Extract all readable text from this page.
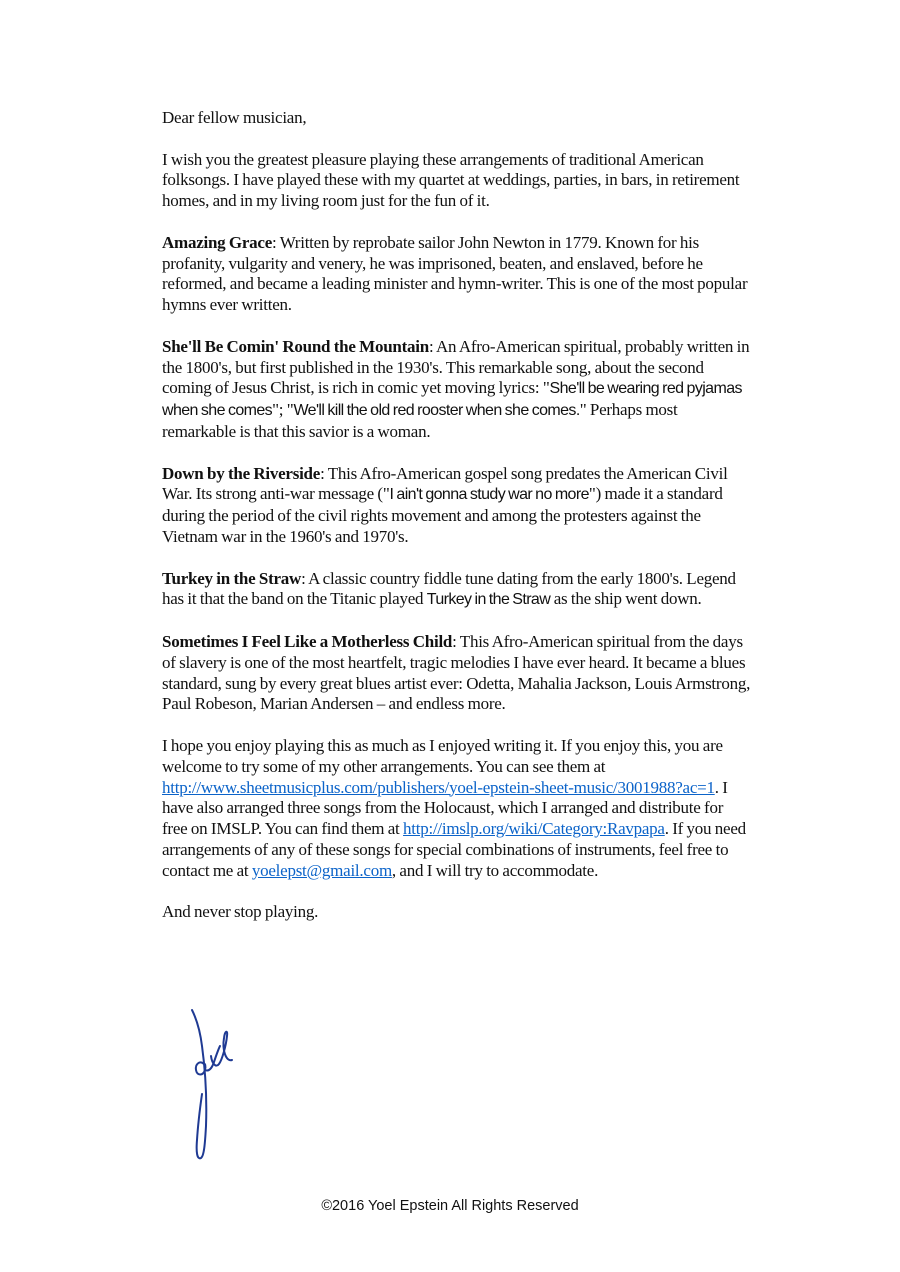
Dear fellow musician,

I wish you the greatest pleasure playing these arrangements of traditional American folksongs. I have played these with my quartet at weddings, parties, in bars, in retirement homes, and in my living room just for the fun of it.

Amazing Grace: Written by reprobate sailor John Newton in 1779. Known for his profanity, vulgarity and venery, he was imprisoned, beaten, and enslaved, before he reformed, and became a leading minister and hymn-writer. This is one of the most popular hymns ever written.

She'll Be Comin' Round the Mountain: An Afro-American spiritual, probably written in the 1800's, but first published in the 1930's. This remarkable song, about the second coming of Jesus Christ, is rich in comic yet moving lyrics: "She'll be wearing red pyjamas when she comes"; "We'll kill the old red rooster when she comes." Perhaps most remarkable is that this savior is a woman.

Down by the Riverside: This Afro-American gospel song predates the American Civil War. Its strong anti-war message ("I ain't gonna study war no more") made it a standard during the period of the civil rights movement and among the protesters against the Vietnam war in the 1960's and 1970's.

Turkey in the Straw: A classic country fiddle tune dating from the early 1800's. Legend has it that the band on the Titanic played Turkey in the Straw as the ship went down.

Sometimes I Feel Like a Motherless Child: This Afro-American spiritual from the days of slavery is one of the most heartfelt, tragic melodies I have ever heard. It became a blues standard, sung by every great blues artist ever: Odetta, Mahalia Jackson, Louis Armstrong, Paul Robeson, Marian Andersen – and endless more.

I hope you enjoy playing this as much as I enjoyed writing it. If you enjoy this, you are welcome to try some of my other arrangements. You can see them at http://www.sheetmusicplus.com/publishers/yoel-epstein-sheet-music/3001988?ac=1. I have also arranged three songs from the Holocaust, which I arranged and distribute for free on IMSLP. You can find them at http://imslp.org/wiki/Category:Ravpapa. If you need arrangements of any of these songs for special combinations of instruments, feel free to contact me at yoelepst@gmail.com, and I will try to accommodate.

And never stop playing.

©2016 Yoel Epstein All Rights Reserved
